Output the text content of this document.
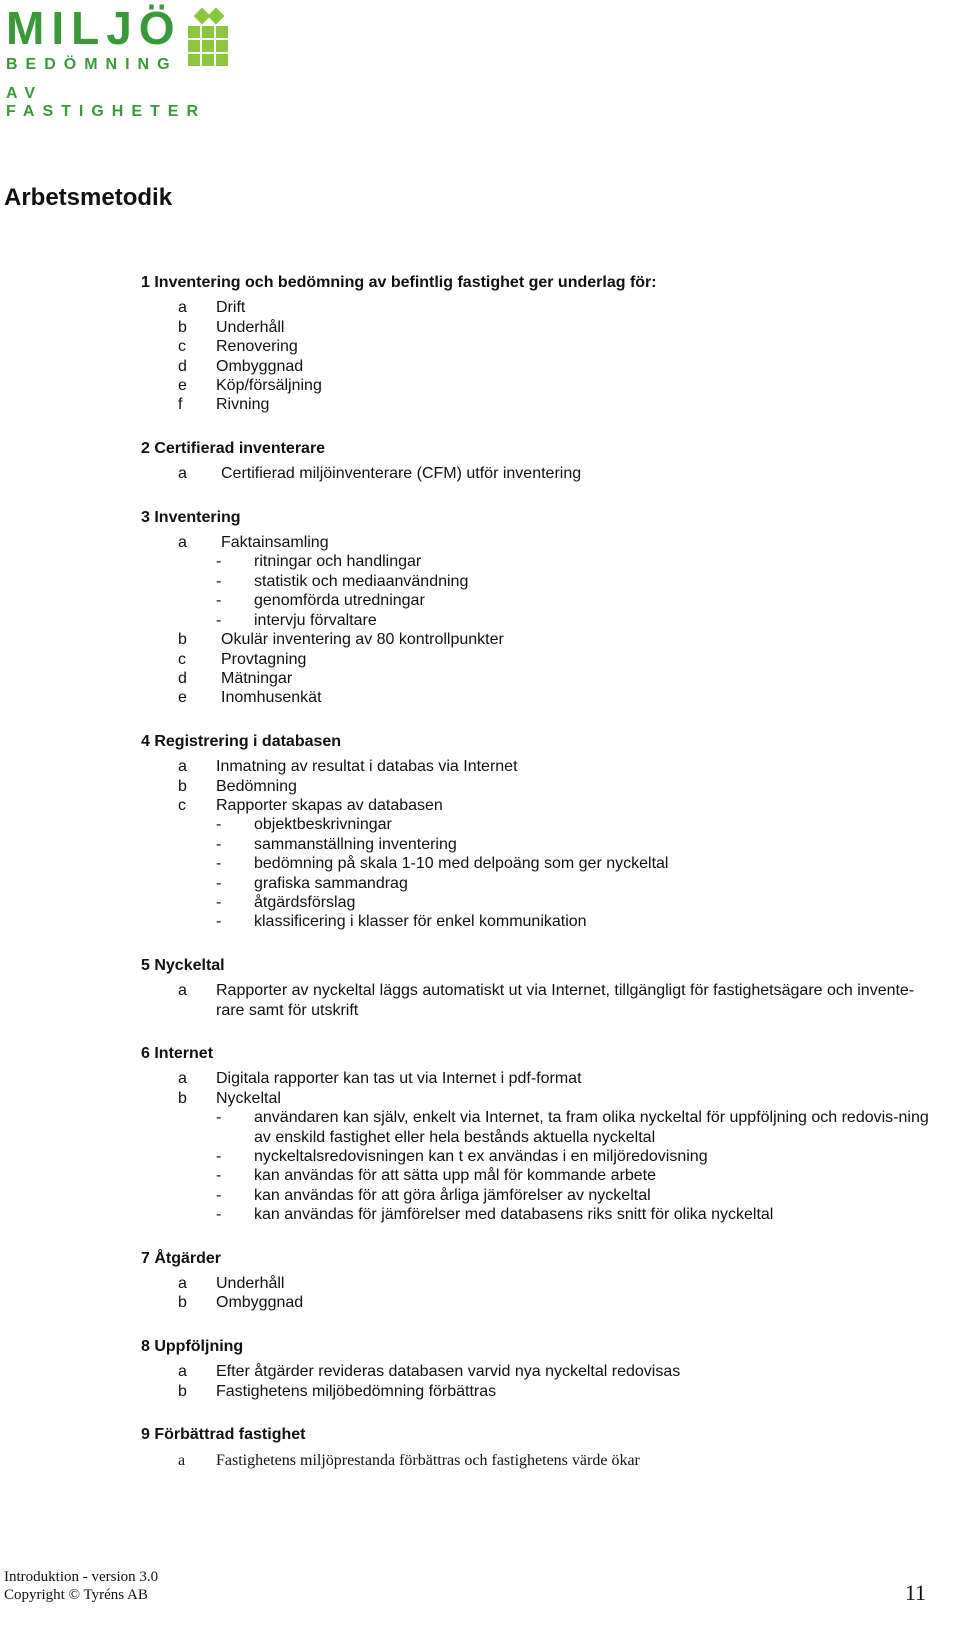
MILJÖ
BEDÖMNING
AV FASTIGHETER
Arbetsmetodik
1 Inventering och bedömning av befintlig fastighet ger underlag för:
a Drift
b Underhåll
c Renovering
d Ombyggnad
e Köp/försäljning
f Rivning
2 Certifierad inventerare
a Certifierad miljöinventerare (CFM) utför inventering
3 Inventering
a Faktainsamling
- ritningar och handlingar
- statistik och mediaanvändning
- genomförda utredningar
- intervju förvaltare
b Okulär inventering av 80 kontrollpunkter
c Provtagning
d Mätningar
e Inomhusenkät
4 Registrering i databasen
a Inmatning av resultat i databas via Internet
b Bedömning
c Rapporter skapas av databasen
- objektbeskrivningar
- sammanställning inventering
- bedömning på skala 1-10 med delpoäng som ger nyckeltal
- grafiska sammandrag
- åtgärdsförslag
- klassificering i klasser för enkel kommunikation
5 Nyckeltal
a Rapporter av nyckeltal läggs automatiskt ut via Internet, tillgängligt för fastighetsägare och invente-rare samt för utskrift
6 Internet
a Digitala rapporter kan tas ut via Internet i pdf-format
b Nyckeltal
- användaren kan själv, enkelt via Internet, ta fram olika nyckeltal för uppföljning och redovis-ning av enskild fastighet eller hela bestånds aktuella nyckeltal
- nyckeltalsredovisningen kan t ex användas i en miljöredovisning
- kan användas för att sätta upp mål för kommande arbete
- kan användas för att göra årliga jämförelser av nyckeltal
- kan användas för jämförelser med databasens riks snitt för olika nyckeltal
7 Åtgärder
a Underhåll
b Ombyggnad
8 Uppföljning
a Efter åtgärder revideras databasen varvid nya nyckeltal redovisas
b Fastighetens miljöbedömning förbättras
9 Förbättrad fastighet
a Fastighetens miljöprestanda förbättras och fastighetens värde ökar
Introduktion - version 3.0
Copyright © Tyréns AB	11
